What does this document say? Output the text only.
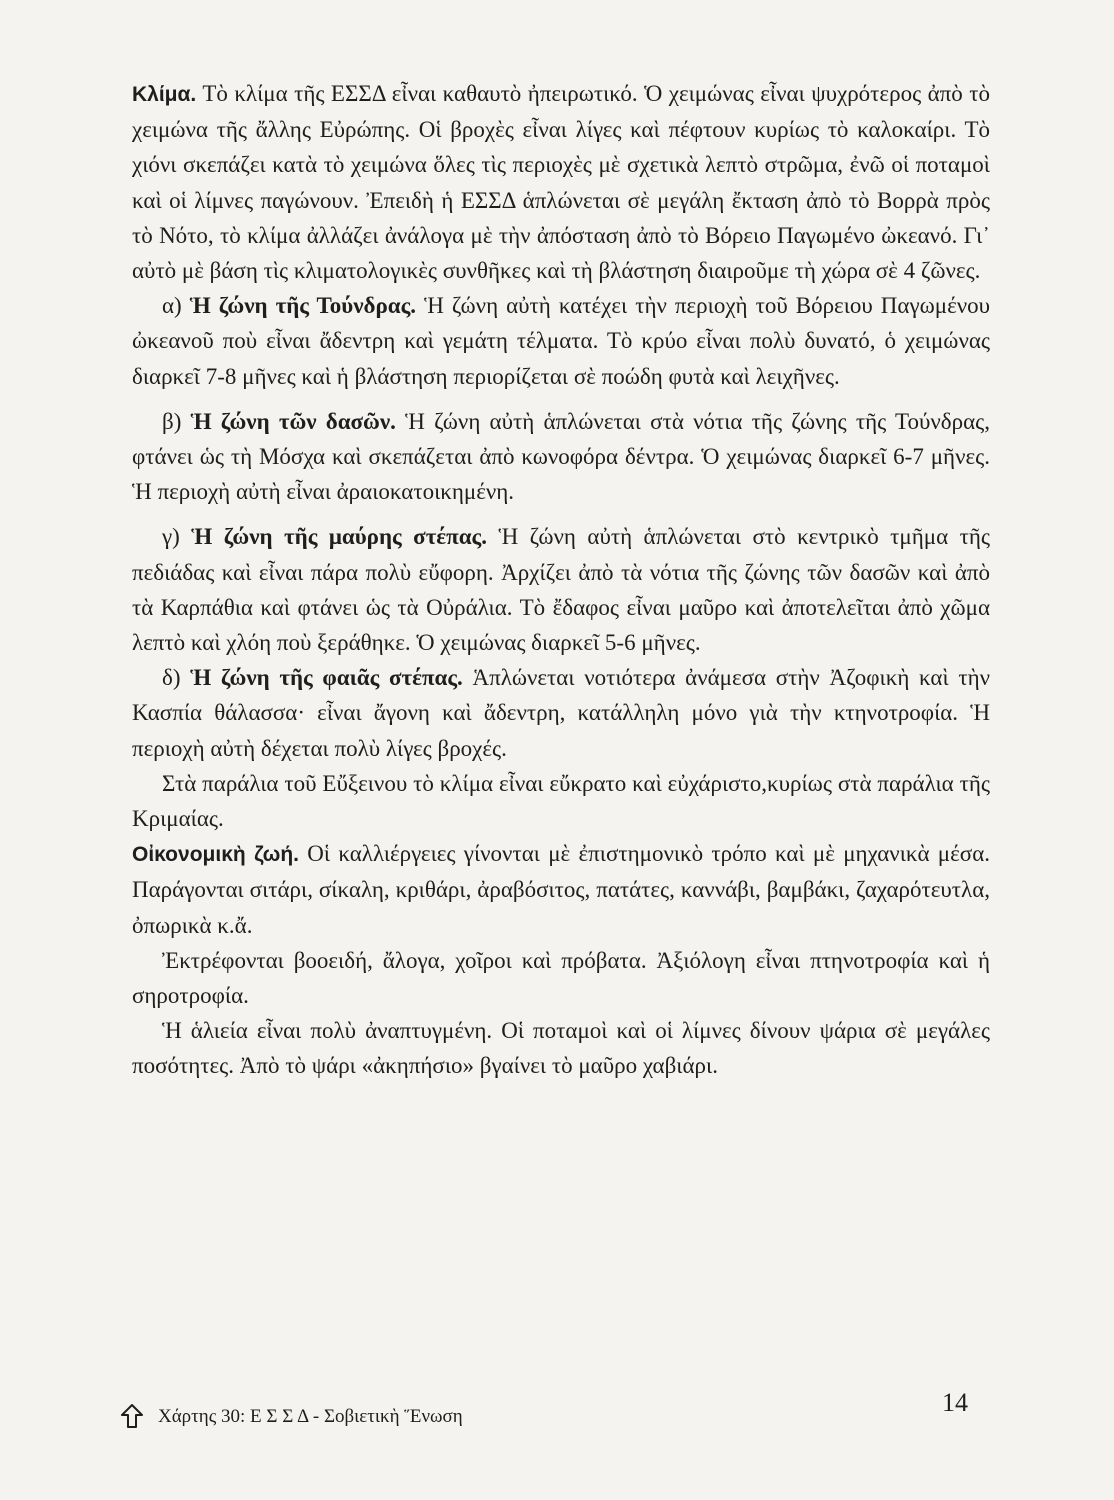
Κλίμα. Τὸ κλίμα τῆς ΕΣΣΔ εἶναι καθαυτὸ ἠπειρωτικό. Ὁ χειμώνας εἶναι ψυχρότερος ἀπὸ τὸ χειμώνα τῆς ἄλλης Εὐρώπης. Οἱ βροχὲς εἶναι λίγες καὶ πέφτουν κυρίως τὸ καλοκαίρι. Τὸ χιόνι σκεπάζει κατὰ τὸ χειμώνα ὅλες τὶς περιοχὲς μὲ σχετικὰ λεπτὸ στρῶμα, ἐνῶ οἱ ποταμοὶ καὶ οἱ λίμνες παγώνουν. Ἐπειδὴ ἡ ΕΣΣΔ ἁπλώνεται σὲ μεγάλη ἔκταση ἀπὸ τὸ Βορρὰ πρὸς τὸ Νότο, τὸ κλίμα ἀλλάζει ἀνάλογα μὲ τὴν ἀπόσταση ἀπὸ τὸ Βόρειο Παγωμένο ὠκεανό. Γι᾽ αὐτὸ μὲ βάση τὶς κλιματολογικὲς συνθῆκες καὶ τὴ βλάστηση διαιροῦμε τὴ χώρα σὲ 4 ζῶνες.

α) Ἡ ζώνη τῆς Τούνδρας. Ἡ ζώνη αὐτὴ κατέχει τὴν περιοχὴ τοῦ Βόρειου Παγωμένου ὠκεανοῦ ποὺ εἶναι ἄδεντρη καὶ γεμάτη τέλματα. Τὸ κρύο εἶναι πολὺ δυνατό, ὁ χειμώνας διαρκεῖ 7-8 μῆνες καὶ ἡ βλάστηση περιορίζεται σὲ ποώδη φυτὰ καὶ λειχῆνες.

β) Ἡ ζώνη τῶν δασῶν. Ἡ ζώνη αὐτὴ ἁπλώνεται στὰ νότια τῆς ζώνης τῆς Τούνδρας, φτάνει ὡς τὴ Μόσχα καὶ σκεπάζεται ἀπὸ κωνοφόρα δέντρα. Ὁ χειμώνας διαρκεῖ 6-7 μῆνες. Ἡ περιοχὴ αὐτὴ εἶναι ἀραιοκατοικημένη.

γ) Ἡ ζώνη τῆς μαύρης στέπας. Ἡ ζώνη αὐτὴ ἁπλώνεται στὸ κεντρικὸ τμῆμα τῆς πεδιάδας καὶ εἶναι πάρα πολὺ εὔφορη. Ἀρχίζει ἀπὸ τὰ νότια τῆς ζώνης τῶν δασῶν καὶ ἀπὸ τὰ Καρπάθια καὶ φτάνει ὡς τὰ Οὐράλια. Τὸ ἔδαφος εἶναι μαῦρο καὶ ἀποτελεῖται ἀπὸ χῶμα λεπτὸ καὶ χλόη ποὺ ξεράθηκε. Ὁ χειμώνας διαρκεῖ 5-6 μῆνες.

δ) Ἡ ζώνη τῆς φαιᾶς στέπας. Ἁπλώνεται νοτιότερα ἀνάμεσα στὴν Ἀζοφικὴ καὶ τὴν Κασπία θάλασσα· εἶναι ἄγονη καὶ ἄδεντρη, κατάλληλη μόνο γιὰ τὴν κτηνοτροφία. Ἡ περιοχὴ αὐτὴ δέχεται πολὺ λίγες βροχές.

Στὰ παράλια τοῦ Εὔξεινου τὸ κλίμα εἶναι εὔκρατο καὶ εὐχάριστο,κυρίως στὰ παράλια τῆς Κριμαίας.

Οἰκονομικὴ ζωή. Οἱ καλλιέργειες γίνονται μὲ ἐπιστημονικὸ τρόπο καὶ μὲ μηχανικὰ μέσα. Παράγονται σιτάρι, σίκαλη, κριθάρι, ἀραβόσιτος, πατάτες, καννάβι, βαμβάκι, ζαχαρότευτλα, ὀπωρικὰ κ.ἄ.

Ἐκτρέφονται βοοειδή, ἄλογα, χοῖροι καὶ πρόβατα. Ἀξιόλογη εἶναι πτηνοτροφία καὶ ἡ σηροτροφία.

Ἡ ἁλιεία εἶναι πολὺ ἀναπτυγμένη. Οἱ ποταμοὶ καὶ οἱ λίμνες δίνουν ψάρια σὲ μεγάλες ποσότητες. Ἀπὸ τὸ ψάρι «ἀκηπήσιο» βγαίνει τὸ μαῦρο χαβιάρι.

Χάρτης 30: Ε Σ Σ Δ - Σοβιετικὴ Ἕνωση	14
